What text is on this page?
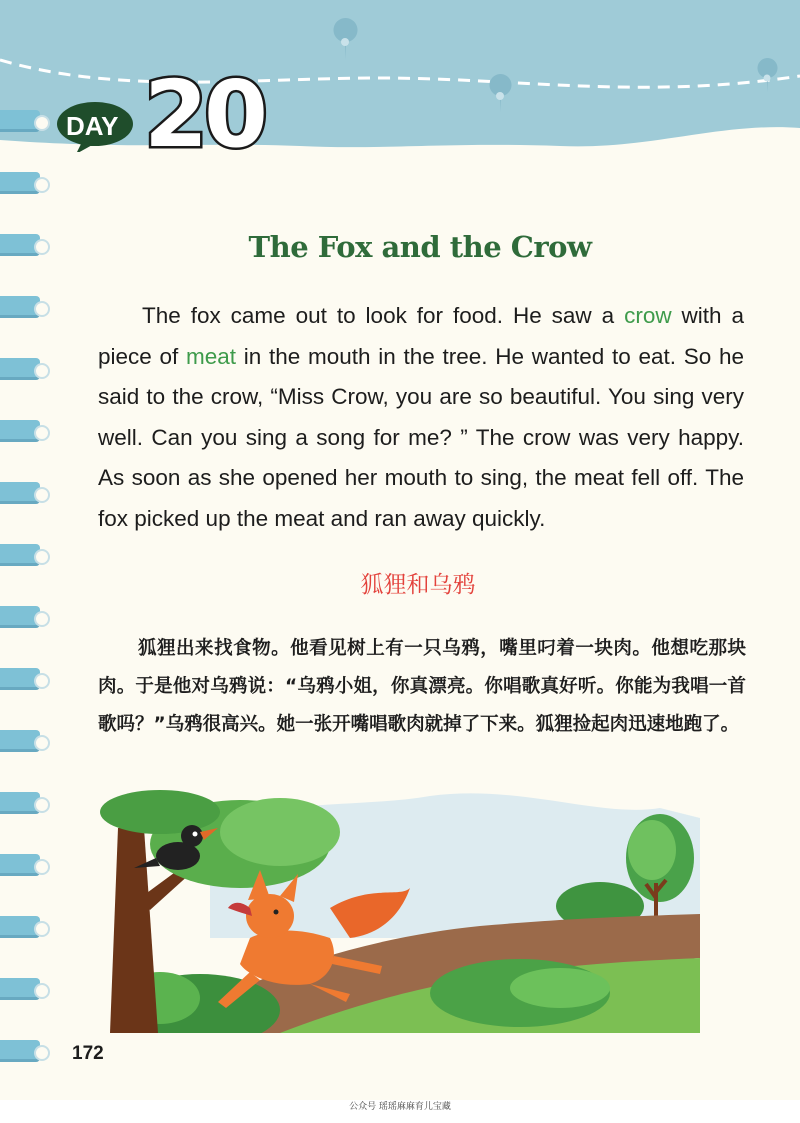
DAY 20
The Fox and the Crow

The fox came out to look for food. He saw a crow with a piece of meat in the mouth in the tree. He wanted to eat. So he said to the crow, “Miss Crow, you are so beautiful. You sing very well. Can you sing a song for me? ” The crow was very happy. As soon as she opened her mouth to sing, the meat fell off. The fox picked up the meat and ran away quickly.

狐狸和乌鸦

狐狸出来找食物。他看见树上有一只乌鸦，嘴里叼着一块肉。他想吃那块肉。于是他对乌鸦说：“乌鸦小姐，你真漂亮。你唱歌真好听。你能为我唱一首歌吗？”乌鸦很高兴。她一张开嘴唱歌肉就掉了下来。狐狸捡起肉迅速地跑了。

172
公众号 瑶瑶麻麻育儿宝藏
